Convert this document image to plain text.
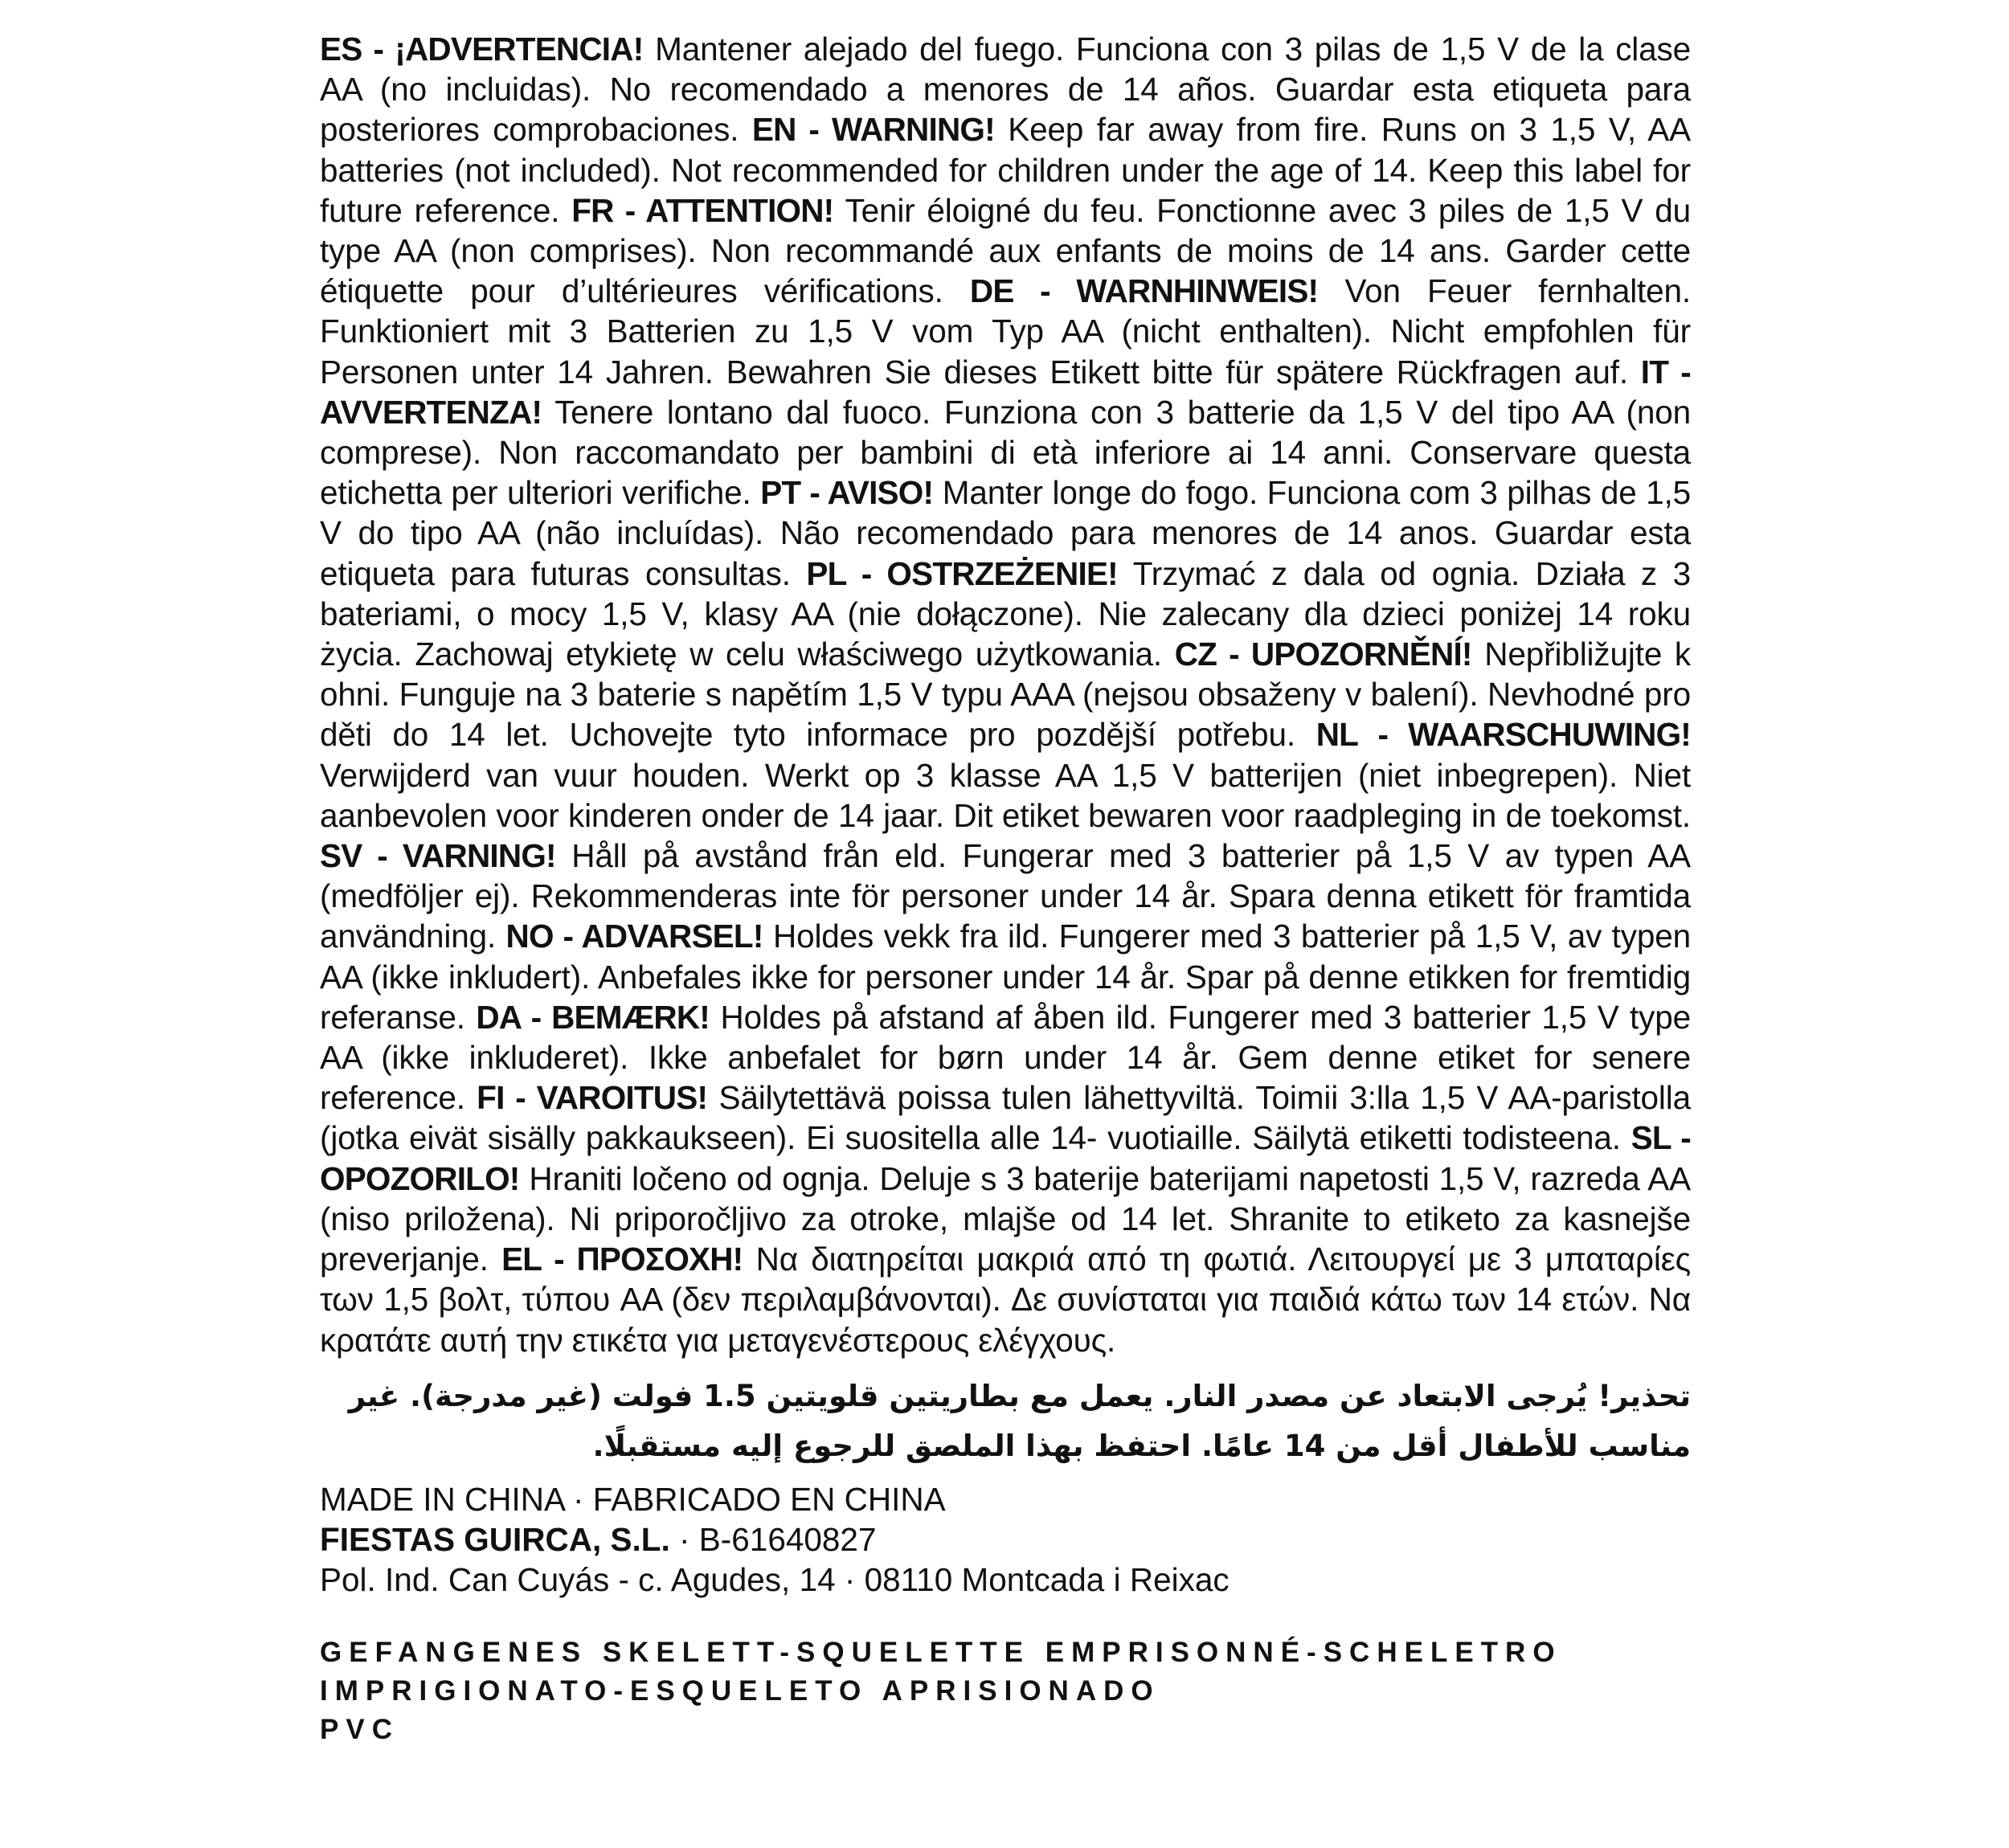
ES - ¡ADVERTENCIA! Mantener alejado del fuego. Funciona con 3 pilas de 1,5 V de la clase AA (no incluidas). No recomendado a menores de 14 años. Guardar esta etiqueta para posteriores comprobaciones. EN - WARNING! Keep far away from fire. Runs on 3 1,5 V, AA batteries (not included). Not recommended for children under the age of 14. Keep this label for future reference. FR - ATTENTION! Tenir éloigné du feu. Fonctionne avec 3 piles de 1,5 V du type AA (non comprises). Non recommandé aux enfants de moins de 14 ans. Garder cette étiquette pour d’ultérieures vérifications. DE - WARNHINWEIS! Von Feuer fernhalten. Funktioniert mit 3 Batterien zu 1,5 V vom Typ AA (nicht enthalten). Nicht empfohlen für Personen unter 14 Jahren. Bewahren Sie dieses Etikett bitte für spätere Rückfragen auf. IT - AVVERTENZA! Tenere lontano dal fuoco. Funziona con 3 batterie da 1,5 V del tipo AA (non comprese). Non raccomandato per bambini di età inferiore ai 14 anni. Conservare questa etichetta per ulteriori verifiche. PT - AVISO! Manter longe do fogo. Funciona com 3 pilhas de 1,5 V do tipo AA (não incluídas). Não recomendado para menores de 14 anos. Guardar esta etiqueta para futuras consultas. PL - OSTRZEŻENIE! Trzymać z dala od ognia. Działa z 3 bateriami, o mocy 1,5 V, klasy AA (nie dołączone). Nie zalecany dla dzieci poniżej 14 roku życia. Zachowaj etykietę w celu właściwego użytkowania. CZ - UPOZORNĚNÍ! Nepřibližujte k ohni. Funguje na 3 baterie s napětím 1,5 V typu AAA (nejsou obsaženy v balení). Nevhodné pro děti do 14 let. Uchovejte tyto informace pro pozdější potřebu. NL - WAARSCHUWING! Verwijderd van vuur houden. Werkt op 3 klasse AA 1,5 V batterijen (niet inbegrepen). Niet aanbevolen voor kinderen onder de 14 jaar. Dit etiket bewaren voor raadpleging in de toekomst. SV - VARNING! Håll på avstånd från eld. Fungerar med 3 batterier på 1,5 V av typen AA (medföljer ej). Rekommenderas inte för personer under 14 år. Spara denna etikett för framtida användning. NO - ADVARSEL! Holdes vekk fra ild. Fungerer med 3 batterier på 1,5 V, av typen AA (ikke inkludert). Anbefales ikke for personer under 14 år. Spar på denne etikken for fremtidig referanse. DA - BEMÆRK! Holdes på afstand af åben ild. Fungerer med 3 batterier 1,5 V type AA (ikke inkluderet). Ikke anbefalet for børn under 14 år. Gem denne etiket for senere reference. FI - VAROITUS! Säilytettävä poissa tulen lähettyviltä. Toimii 3:lla 1,5 V AA-paristolla (jotka eivät sisälly pakkaukseen). Ei suositella alle 14- vuotiaille. Säilytä etiketti todisteena. SL - OPOZORILO! Hraniti ločeno od ognja. Deluje s 3 baterije baterijami napetosti 1,5 V, razreda AA (niso priložena). Ni priporočljivo za otroke, mlajše od 14 let. Shranite to etiketo za kasnejše preverjanje. EL - ΠΡΟΣΟΧΗ! Να διατηρείται μακριά από τη φωτιά. Λειτουργεί με 3 μπαταρίες των 1,5 βολτ, τύπου AA (δεν περιλαμβάνονται). Δε συνίσταται για παιδιά κάτω των 14 ετών. Να κρατάτε αυτή την ετικέτα για μεταγενέστερους ελέγχους.

تحذير! يُرجى الابتعاد عن مصدر النار. يعمل مع بطاريتين قلويتين 1.5 فولت (غير مدرجة). غير مناسب للأطفال أقل من 14 عامًا. احتفظ بهذا الملصق للرجوع إليه مستقبلًا.
MADE IN CHINA · FABRICADO EN CHINA
FIESTAS GUIRCA, S.L. · B-61640827
Pol. Ind. Can Cuyás - c. Agudes, 14 · 08110 Montcada i Reixac
GEFANGENES SKELETT-SQUELETTE EMPRISONNÉ-SCHELETRO
IMPRIGIONATO-ESQUELETO APRISIONADO
PVC
